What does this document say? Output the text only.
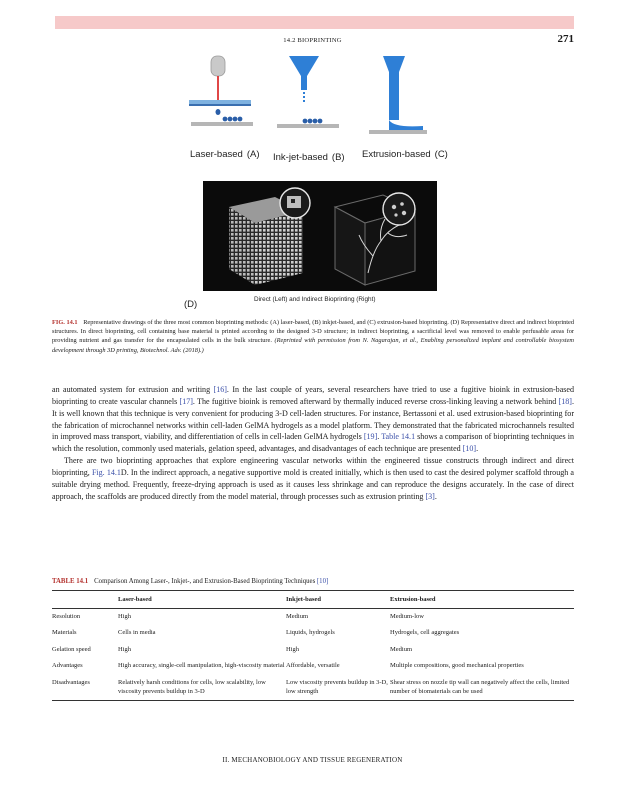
14.2 BIOPRINTING	271
Laser-based (A) Ink-jet-based (B) Extrusion-based (C)
Direct (Left) and Indirect Bioprinting (Right)
(D)
FIG. 14.1 Representative drawings of the three most common bioprinting methods: (A) laser-based, (B) inkjet-based, and (C) extrusion-based bioprinting. (D) Representative direct and indirect bioprinted structures. In direct bioprinting, cell containing base material is printed according to the designed 3-D structure; in indirect bioprinting, a sacrificial level was removed to enable perfusable areas for providing nutrient and gas transfer for the encapsulated cells in the bulk structure. (Reprinted with permission from N. Nagarajan, et al., Enabling personalized implant and controllable biosystem development through 3D printing, Biotechnol. Adv. (2018).)

an automated system for extrusion and writing [16]. In the last couple of years, several researchers have tried to use a fugitive bioink in extrusion-based bioprinting to create vascular channels [17]. The fugitive bioink is removed afterward by thermally induced reverse cross-linking leaving a network behind [18]. It is well known that this technique is very convenient for producing 3-D cell-laden structures. For instance, Bertassoni et al. used extrusion-based bioprinting for the fabrication of microchannel networks within cell-laden GelMA hydrogels as a model platform. They demonstrated that the fabricated microchannels resulted in improved mass transport, viability, and differentiation of cells in cell-laden GelMA hydrogels [19]. Table 14.1 shows a comparison of bioprinting techniques in which the resolution, commonly used materials, gelation speed, advantages, and disadvantages of each technique are presented [10].

There are two bioprinting approaches that explore engineering vascular networks within the engineered tissue constructs through indirect and direct bioprinting, Fig. 14.1D. In the indirect approach, a negative supportive mold is created initially, which is then used to cast the desired polymer scaffold through a suitable drying method. Frequently, freeze-drying approach is used as it causes less shrinkage and can reproduce the designs accurately. In the case of direct approach, the scaffolds are produced directly from the model material, through processes such as extrusion printing [3].

TABLE 14.1 Comparison Among Laser-, Inkjet-, and Extrusion-Based Bioprinting Techniques [10]
	Laser-based	Inkjet-based	Extrusion-based
Resolution	High	Medium	Medium-low
Materials	Cells in media	Liquids, hydrogels	Hydrogels, cell aggregates
Gelation speed	High	High	Medium
Advantages	High accuracy, single-cell manipulation, high-viscosity material	Affordable, versatile	Multiple compositions, good mechanical properties
Disadvantages	Relatively harsh conditions for cells, low scalability, low viscosity prevents buildup in 3-D	Low viscosity prevents buildup in 3-D, low strength	Shear stress on nozzle tip wall can negatively affect the cells, limited number of biomaterials can be used
II. MECHANOBIOLOGY AND TISSUE REGENERATION
